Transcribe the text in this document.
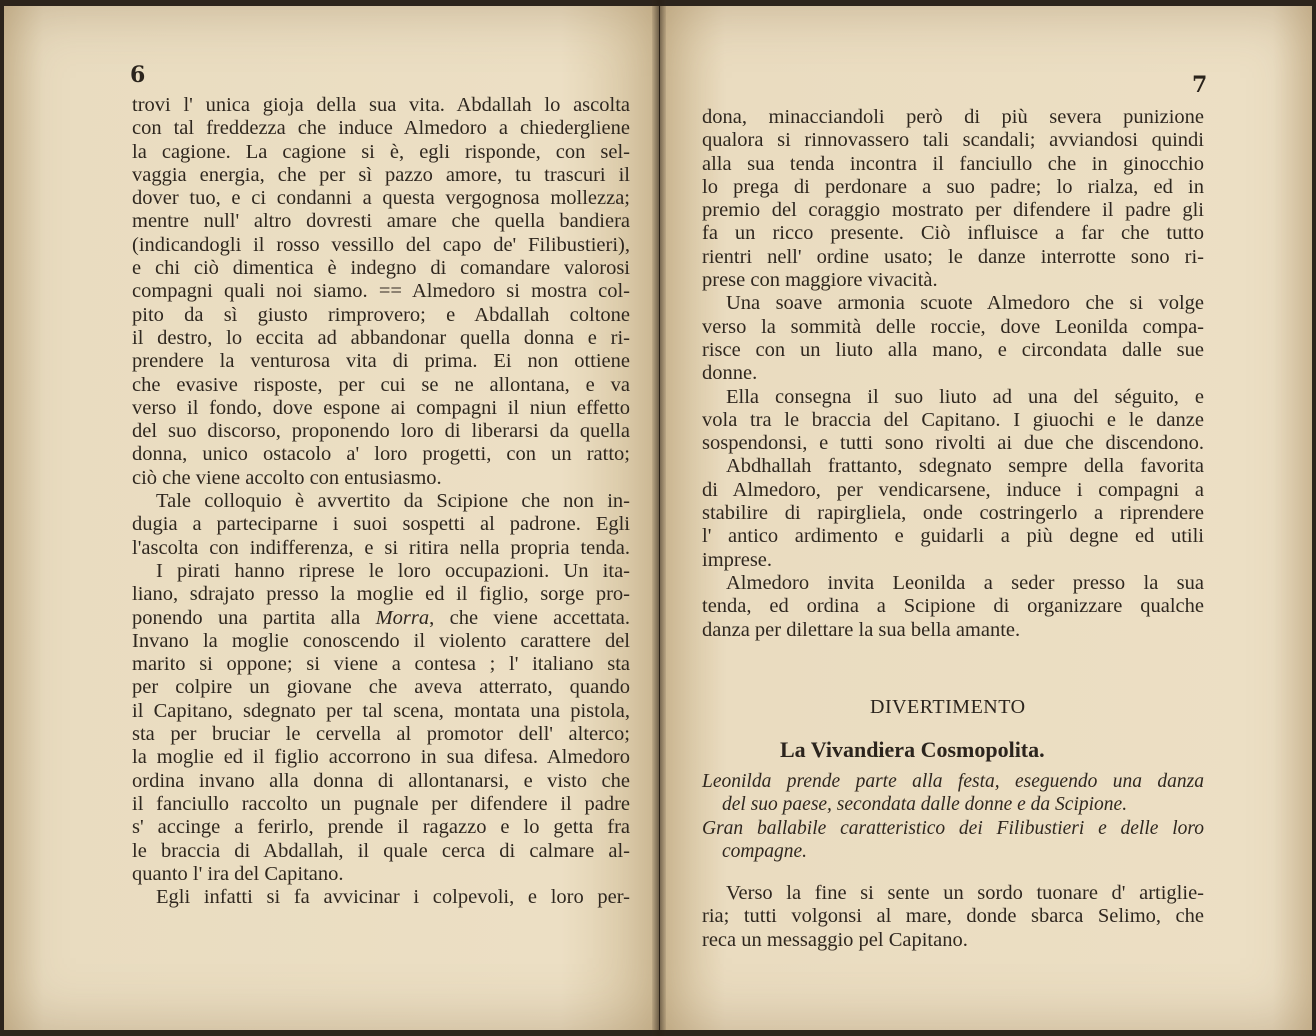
6
trovi l' unica gioja della sua vita. Abdallah lo ascolta
con tal freddezza che induce Almedoro a chiedergliene
la cagione. La cagione si è, egli risponde, con sel-
vaggia energia, che per sì pazzo amore, tu trascuri il
dover tuo, e ci condanni a questa vergognosa mollezza;
mentre null' altro dovresti amare che quella bandiera
(indicandogli il rosso vessillo del capo de' Filibustieri),
e chi ciò dimentica è indegno di comandare valorosi
compagni quali noi siamo. == Almedoro si mostra col-
pito da sì giusto rimprovero; e Abdallah coltone
il destro, lo eccita ad abbandonar quella donna e ri-
prendere la venturosa vita di prima. Ei non ottiene
che evasive risposte, per cui se ne allontana, e va
verso il fondo, dove espone ai compagni il niun effetto
del suo discorso, proponendo loro di liberarsi da quella
donna, unico ostacolo a' loro progetti, con un ratto;
ciò che viene accolto con entusiasmo.
Tale colloquio è avvertito da Scipione che non in-
dugia a parteciparne i suoi sospetti al padrone. Egli
l'ascolta con indifferenza, e si ritira nella propria tenda.
I pirati hanno riprese le loro occupazioni. Un ita-
liano, sdrajato presso la moglie ed il figlio, sorge pro-
ponendo una partita alla Morra, che viene accettata.
Invano la moglie conoscendo il violento carattere del
marito si oppone; si viene a contesa ; l' italiano sta
per colpire un giovane che aveva atterrato, quando
il Capitano, sdegnato per tal scena, montata una pistola,
sta per bruciar le cervella al promotor dell' alterco;
la moglie ed il figlio accorrono in sua difesa. Almedoro
ordina invano alla donna di allontanarsi, e visto che
il fanciullo raccolto un pugnale per difendere il padre
s' accinge a ferirlo, prende il ragazzo e lo getta fra
le braccia di Abdallah, il quale cerca di calmare al-
quanto l' ira del Capitano.
Egli infatti si fa avvicinar i colpevoli, e loro per-
7
dona, minacciandoli però di più severa punizione
qualora si rinnovassero tali scandali; avviandosi quindi
alla sua tenda incontra il fanciullo che in ginocchio
lo prega di perdonare a suo padre; lo rialza, ed in
premio del coraggio mostrato per difendere il padre gli
fa un ricco presente. Ciò influisce a far che tutto
rientri nell' ordine usato; le danze interrotte sono ri-
prese con maggiore vivacità.
Una soave armonia scuote Almedoro che si volge
verso la sommità delle roccie, dove Leonilda compa-
risce con un liuto alla mano, e circondata dalle sue
donne.
Ella consegna il suo liuto ad una del séguito, e
vola tra le braccia del Capitano. I giuochi e le danze
sospendonsi, e tutti sono rivolti ai due che discendono.
Abdhallah frattanto, sdegnato sempre della favorita
di Almedoro, per vendicarsene, induce i compagni a
stabilire di rapirgliela, onde costringerlo a riprendere
l' antico ardimento e guidarli a più degne ed utili
imprese.
Almedoro invita Leonilda a seder presso la sua
tenda, ed ordina a Scipione di organizzare qualche
danza per dilettare la sua bella amante.
DIVERTIMENTO
La Vivandiera Cosmopolita.
Leonilda prende parte alla festa, eseguendo una danza
del suo paese, secondata dalle donne e da Scipione.
Gran ballabile caratteristico dei Filibustieri e delle loro
compagne.
Verso la fine si sente un sordo tuonare d' artiglie-
ria; tutti volgonsi al mare, donde sbarca Selimo, che
reca un messaggio pel Capitano.
